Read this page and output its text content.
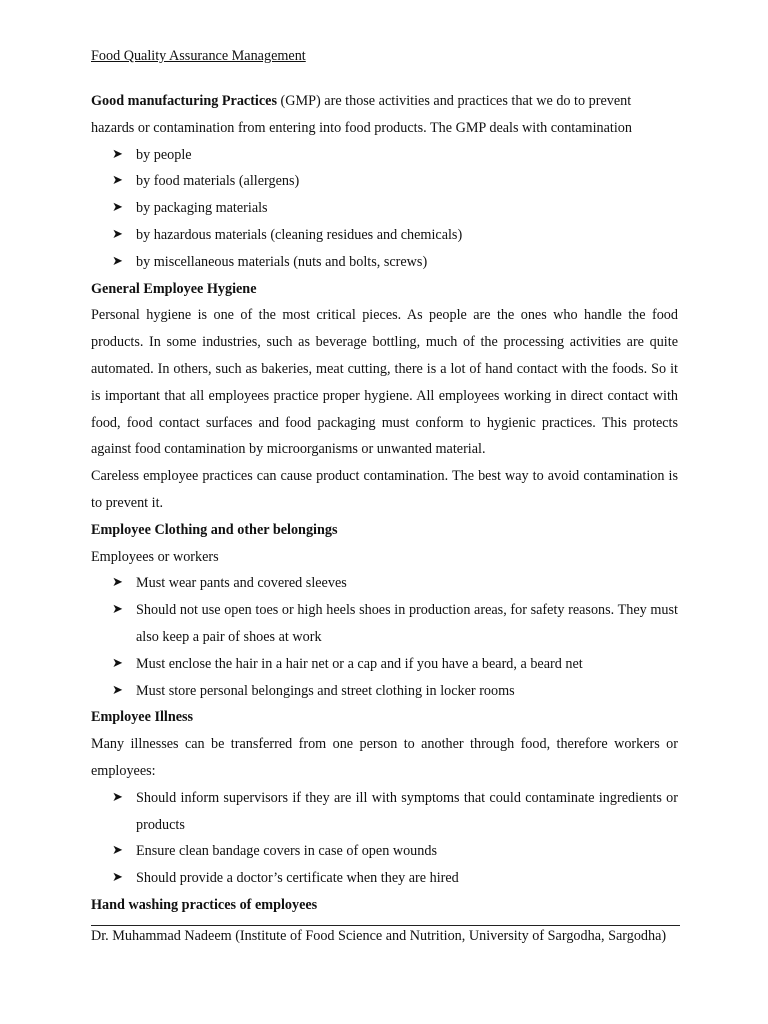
Food Quality Assurance Management

Good manufacturing Practices (GMP) are those activities and practices that we do to prevent

hazards or contamination from entering into food products. The GMP deals with contamination

➤ by people
➤ by food materials (allergens)
➤ by packaging materials
➤ by hazardous materials (cleaning residues and chemicals)
➤ by miscellaneous materials (nuts and bolts, screws)
General Employee Hygiene

Personal hygiene is one of the most critical pieces. As people are the ones who handle the food products. In some industries, such as beverage bottling, much of the processing activities are quite automated. In others, such as bakeries, meat cutting, there is a lot of hand contact with the foods. So it is important that all employees practice proper hygiene. All employees working in direct contact with food, food contact surfaces and food packaging must conform to hygienic practices. This protects against food contamination by microorganisms or unwanted material.

Careless employee practices can cause product contamination. The best way to avoid contamination is to prevent it.

Employee Clothing and other belongings

Employees or workers

➤ Must wear pants and covered sleeves
➤ Should not use open toes or high heels shoes in production areas, for safety reasons. They must also keep a pair of shoes at work
➤ Must enclose the hair in a hair net or a cap and if you have a beard, a beard net
➤ Must store personal belongings and street clothing in locker rooms
Employee Illness

Many illnesses can be transferred from one person to another through food, therefore workers or employees:

➤ Should inform supervisors if they are ill with symptoms that could contaminate ingredients or products
➤ Ensure clean bandage covers in case of open wounds
➤ Should provide a doctor’s certificate when they are hired
Hand washing practices of employees
Dr. Muhammad Nadeem (Institute of Food Science and Nutrition, University of Sargodha, Sargodha)
